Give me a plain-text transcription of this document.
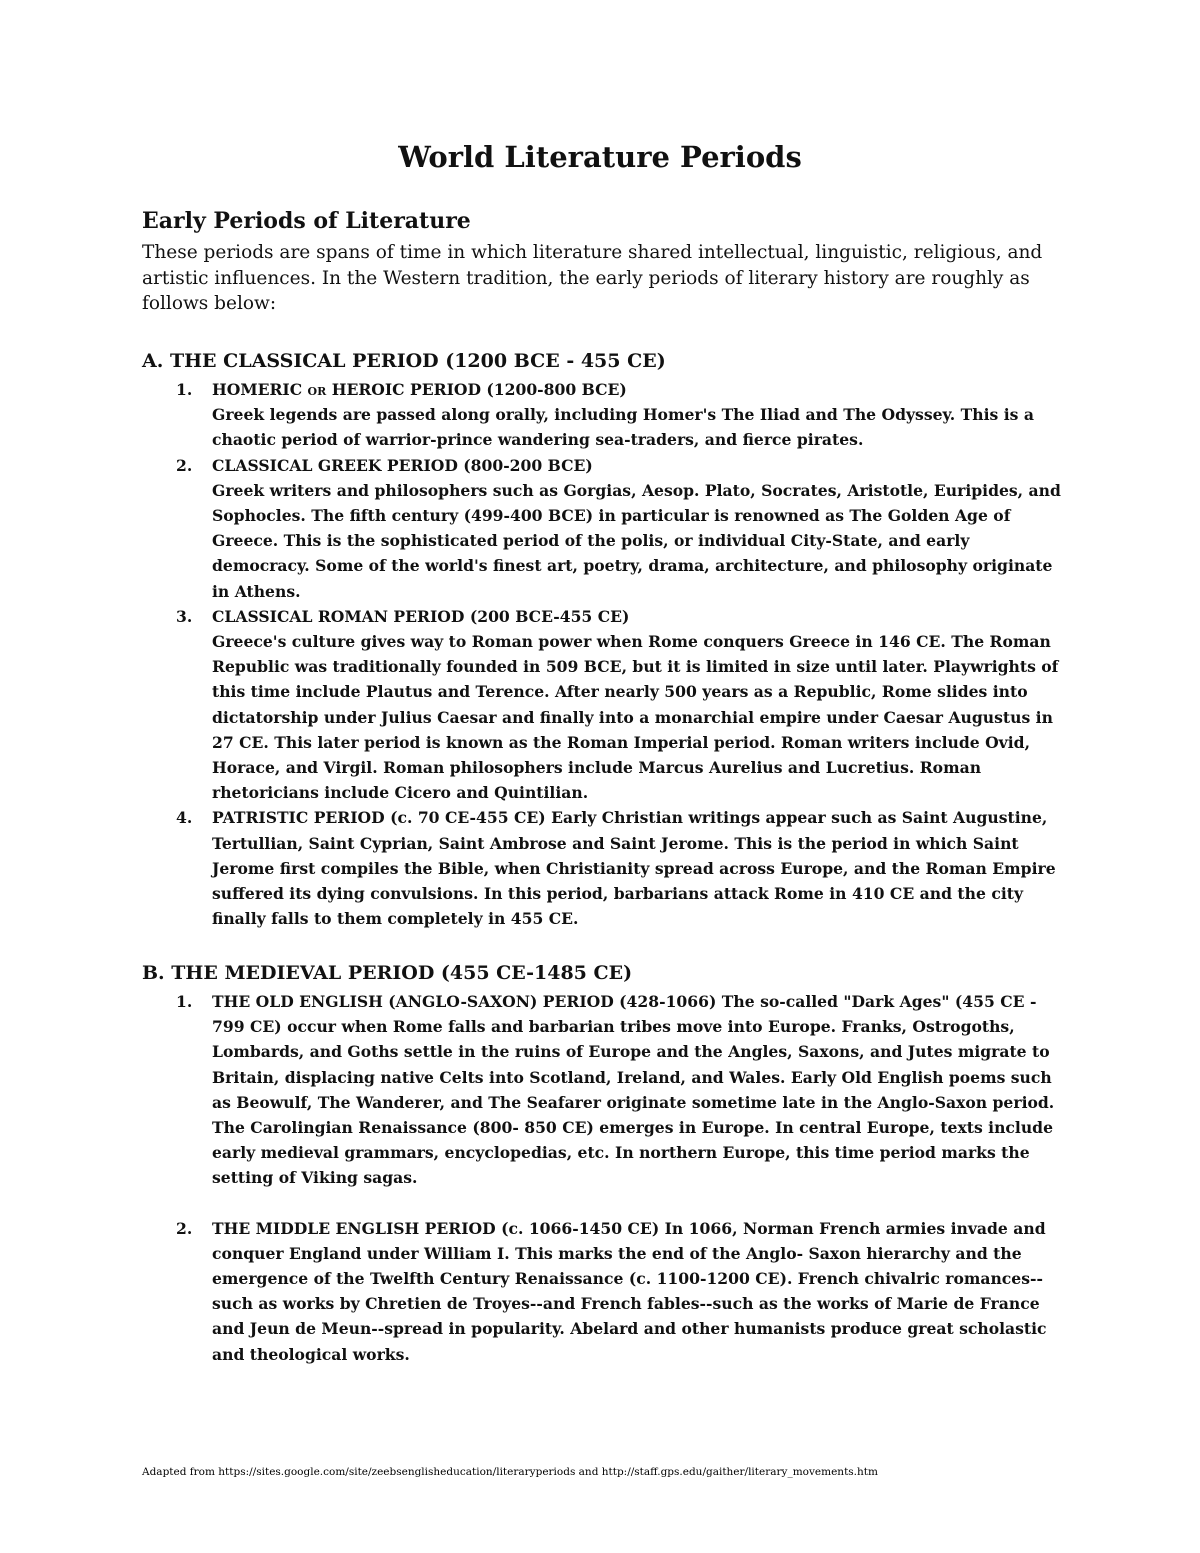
World Literature Periods
Early Periods of Literature
These periods are spans of time in which literature shared intellectual, linguistic, religious, and artistic influences. In the Western tradition, the early periods of literary history are roughly as follows below:
A. THE CLASSICAL PERIOD (1200 BCE - 455 CE)
1. HOMERIC or HEROIC PERIOD (1200-800 BCE)
Greek legends are passed along orally, including Homer's The Iliad and The Odyssey. This is a chaotic period of warrior-prince wandering sea-traders, and fierce pirates.
2. CLASSICAL GREEK PERIOD (800-200 BCE)
Greek writers and philosophers such as Gorgias, Aesop. Plato, Socrates, Aristotle, Euripides, and Sophocles. The fifth century (499-400 BCE) in particular is renowned as The Golden Age of Greece. This is the sophisticated period of the polis, or individual City-State, and early democracy. Some of the world's finest art, poetry, drama, architecture, and philosophy originate in Athens.
3. CLASSICAL ROMAN PERIOD (200 BCE-455 CE)
Greece's culture gives way to Roman power when Rome conquers Greece in 146 CE. The Roman Republic was traditionally founded in 509 BCE, but it is limited in size until later. Playwrights of this time include Plautus and Terence. After nearly 500 years as a Republic, Rome slides into dictatorship under Julius Caesar and finally into a monarchial empire under Caesar Augustus in 27 CE. This later period is known as the Roman Imperial period. Roman writers include Ovid, Horace, and Virgil. Roman philosophers include Marcus Aurelius and Lucretius. Roman rhetoricians include Cicero and Quintilian.
4. PATRISTIC PERIOD (c. 70 CE-455 CE) Early Christian writings appear such as Saint Augustine, Tertullian, Saint Cyprian, Saint Ambrose and Saint Jerome. This is the period in which Saint Jerome first compiles the Bible, when Christianity spread across Europe, and the Roman Empire suffered its dying convulsions. In this period, barbarians attack Rome in 410 CE and the city finally falls to them completely in 455 CE.
B. THE MEDIEVAL PERIOD (455 CE-1485 CE)
1. THE OLD ENGLISH (ANGLO-SAXON) PERIOD (428-1066) The so-called "Dark Ages" (455 CE - 799 CE) occur when Rome falls and barbarian tribes move into Europe. Franks, Ostrogoths, Lombards, and Goths settle in the ruins of Europe and the Angles, Saxons, and Jutes migrate to Britain, displacing native Celts into Scotland, Ireland, and Wales. Early Old English poems such as Beowulf, The Wanderer, and The Seafarer originate sometime late in the Anglo-Saxon period. The Carolingian Renaissance (800- 850 CE) emerges in Europe. In central Europe, texts include early medieval grammars, encyclopedias, etc. In northern Europe, this time period marks the setting of Viking sagas.
2. THE MIDDLE ENGLISH PERIOD (c. 1066-1450 CE) In 1066, Norman French armies invade and conquer England under William I. This marks the end of the Anglo- Saxon hierarchy and the emergence of the Twelfth Century Renaissance (c. 1100-1200 CE). French chivalric romances--such as works by Chretien de Troyes--and French fables--such as the works of Marie de France and Jeun de Meun--spread in popularity. Abelard and other humanists produce great scholastic and theological works.
Adapted from https://sites.google.com/site/zeebsenglisheducation/literaryperiods and http://staff.gps.edu/gaither/literary_movements.htm
